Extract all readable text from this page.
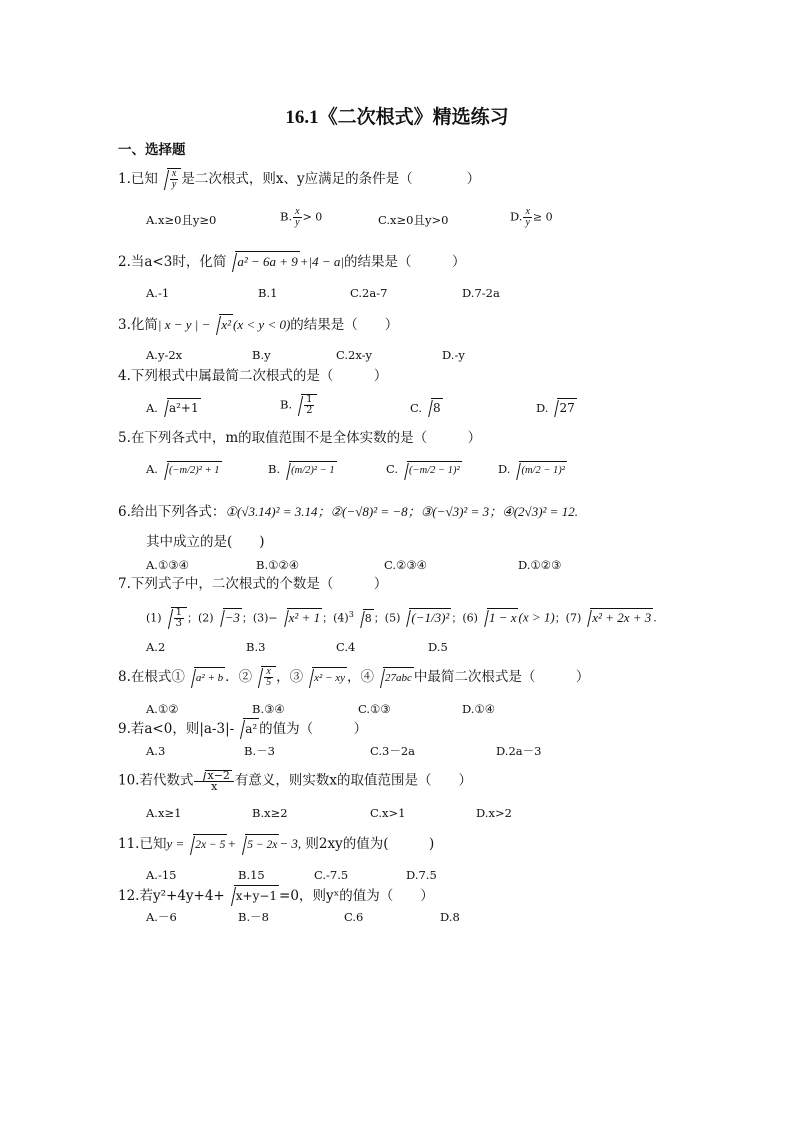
16.1《二次根式》精选练习
一、选择题
1.已知 $\frac{x}{y}$ 是二次根式，则x、y应满足的条件是（　　　　）
A.x≥0且y≥0	B. $\frac{x}{y} > 0$	C.x≥0且y>0	D. $\frac{x}{y} \ge 0$
2.当a<3时，化简 a² − 6a + 9 +|4 − a|的结果是（　　　）
A.-1	B.1	C.2a-7	D.7-2a
3.化简| x − y | − x² (x < y < 0)的结果是（　　）
A.y-2x	B.y	C.2x-y	D.-y
4.下列根式中属最简二次根式的是（　　　）
A. a²+1	B. $\frac{1}{2}$	C. 8	D. 27
5.在下列各式中，m的取值范围不是全体实数的是（　　　）
A. (−m/2)² + 1	B. (m/2)² − 1	C. (−m/2 − 1)²	D. (m/2 − 1)²
6.给出下列各式：①(√3.14)² = 3.14；②(−√8)² = −8；③(−√3)² = 3；④(2√3)² = 12.
其中成立的是(　　)
A.①③④	B.①②④	C.②③④	D.①②③
7.下列式子中，二次根式的个数是（　　　）
$(1) \frac{1}{3}$ ；(2) −3 ；(3)− x² + 1 ；$(4)^3$ 8 ；(5) (−1/3)² ；(6) 1 − x (x > 1)；(7) x² + 2x + 3 .
A.2	B.3	C.4	D.5
8.在根式① a² + b ．② $\frac{x}{5}$ ，③ x² − xy ，④ 27abc 中最简二次根式是（　　　）
A.①②	B.③④	C.①③	D.①④
9.若a<0，则|a-3|- a² 的值为（　　　）
A.3	B.－3	C.3－2a	D.2a－3
10.若代数式 $\frac{x-2}{x}$ 有意义，则实数x的取值范围是（　　）
A.x≥1	B.x≥2	C.x>1	D.x>2
11.已知y = 2x − 5 + 5 − 2x − 3, 则2xy的值为(　　　)
A.-15	B.15	C.-7.5	D.7.5
12.若y²+4y+4+ x+y−1 =0，则yˣ的值为（　　）
A.－6	B.－8	C.6	D.8
